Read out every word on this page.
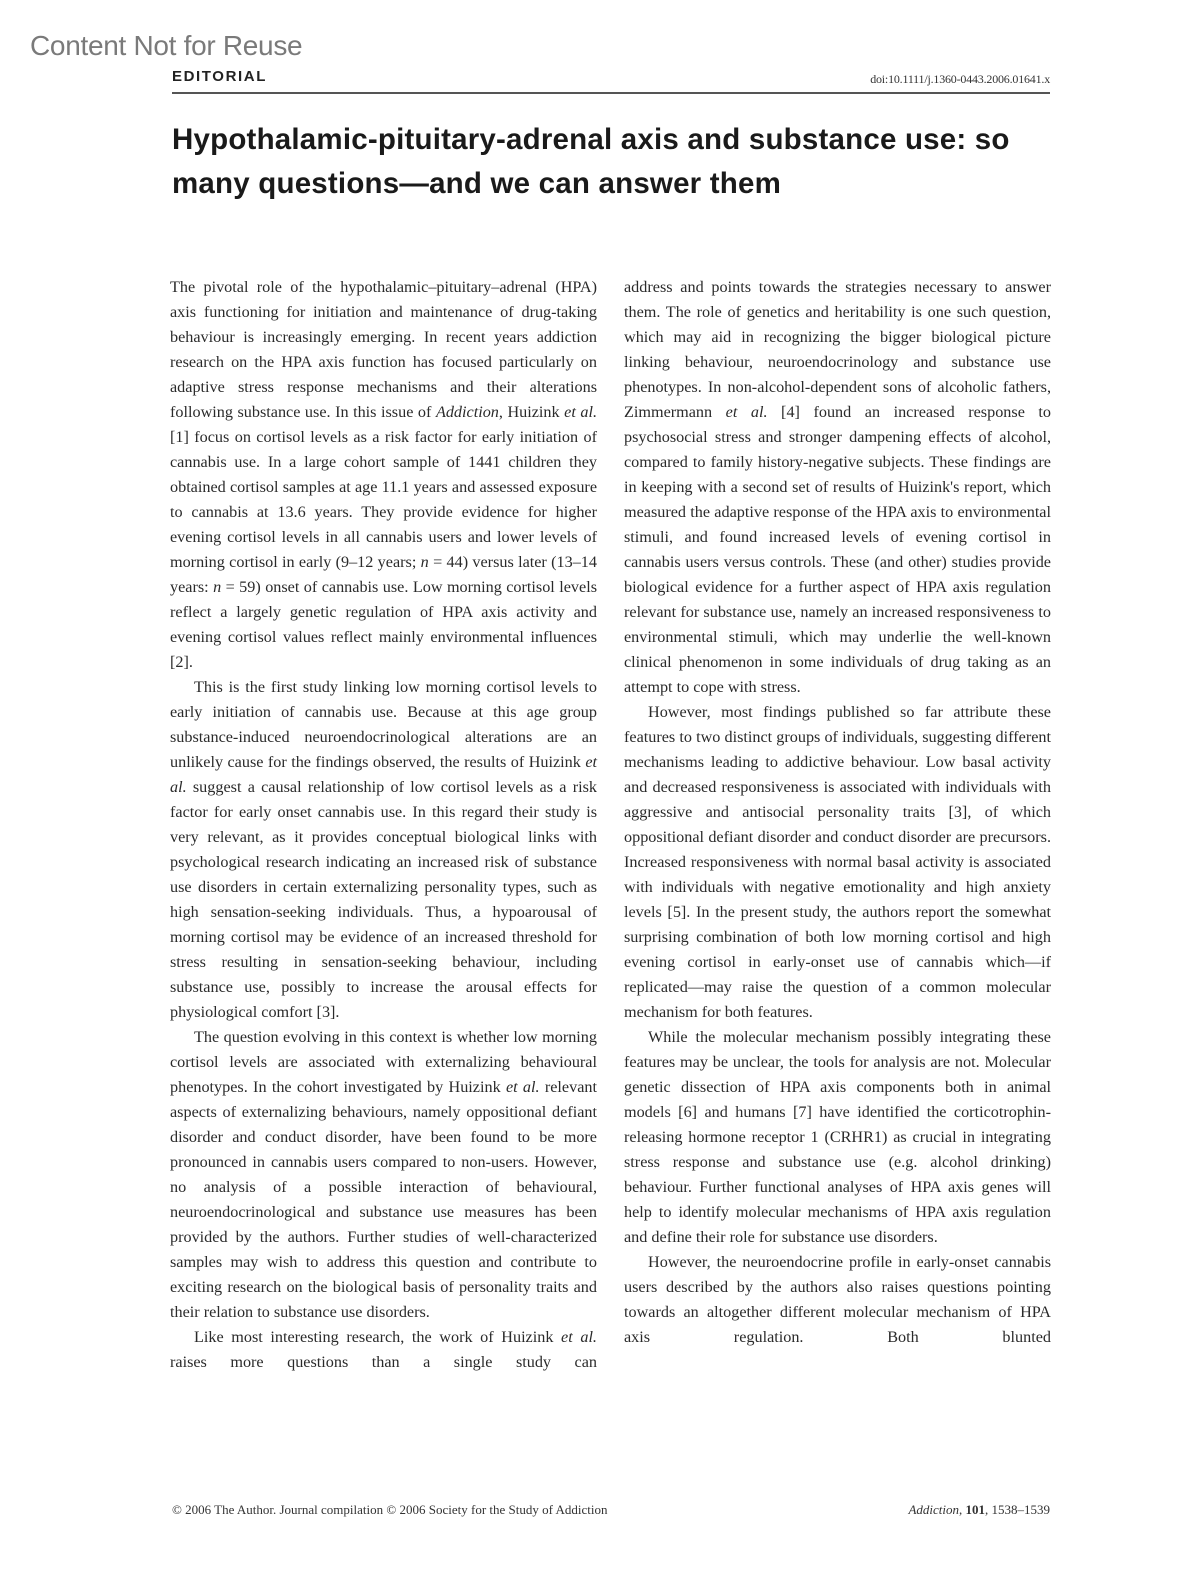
Content Not for Reuse
EDITORIAL	doi:10.1111/j.1360-0443.2006.01641.x
Hypothalamic-pituitary-adrenal axis and substance use: so many questions—and we can answer them

The pivotal role of the hypothalamic–pituitary–adrenal (HPA) axis functioning for initiation and maintenance of drug-taking behaviour is increasingly emerging. In recent years addiction research on the HPA axis function has focused particularly on adaptive stress response mechanisms and their alterations following substance use. In this issue of Addiction, Huizink et al. [1] focus on cortisol levels as a risk factor for early initiation of cannabis use. In a large cohort sample of 1441 children they obtained cortisol samples at age 11.1 years and assessed exposure to cannabis at 13.6 years. They provide evidence for higher evening cortisol levels in all cannabis users and lower levels of morning cortisol in early (9–12 years; n = 44) versus later (13–14 years: n = 59) onset of cannabis use. Low morning cortisol levels reflect a largely genetic regulation of HPA axis activity and evening cortisol values reflect mainly environmental influences [2].

This is the first study linking low morning cortisol levels to early initiation of cannabis use. Because at this age group substance-induced neuroendocrinological alterations are an unlikely cause for the findings observed, the results of Huizink et al. suggest a causal relationship of low cortisol levels as a risk factor for early onset cannabis use. In this regard their study is very relevant, as it provides conceptual biological links with psychological research indicating an increased risk of substance use disorders in certain externalizing personality types, such as high sensation-seeking individuals. Thus, a hypoarousal of morning cortisol may be evidence of an increased threshold for stress resulting in sensation-seeking behaviour, including substance use, possibly to increase the arousal effects for physiological comfort [3].

The question evolving in this context is whether low morning cortisol levels are associated with externalizing behavioural phenotypes. In the cohort investigated by Huizink et al. relevant aspects of externalizing behaviours, namely oppositional defiant disorder and conduct disorder, have been found to be more pronounced in cannabis users compared to non-users. However, no analysis of a possible interaction of behavioural, neuroendocrinological and substance use measures has been provided by the authors. Further studies of well-characterized samples may wish to address this question and contribute to exciting research on the biological basis of personality traits and their relation to substance use disorders.

Like most interesting research, the work of Huizink et al. raises more questions than a single study can

address and points towards the strategies necessary to answer them. The role of genetics and heritability is one such question, which may aid in recognizing the bigger biological picture linking behaviour, neuroendocrinology and substance use phenotypes. In non-alcohol-dependent sons of alcoholic fathers, Zimmermann et al. [4] found an increased response to psychosocial stress and stronger dampening effects of alcohol, compared to family history-negative subjects. These findings are in keeping with a second set of results of Huizink's report, which measured the adaptive response of the HPA axis to environmental stimuli, and found increased levels of evening cortisol in cannabis users versus controls. These (and other) studies provide biological evidence for a further aspect of HPA axis regulation relevant for substance use, namely an increased responsiveness to environmental stimuli, which may underlie the well-known clinical phenomenon in some individuals of drug taking as an attempt to cope with stress.

However, most findings published so far attribute these features to two distinct groups of individuals, suggesting different mechanisms leading to addictive behaviour. Low basal activity and decreased responsiveness is associated with individuals with aggressive and antisocial personality traits [3], of which oppositional defiant disorder and conduct disorder are precursors. Increased responsiveness with normal basal activity is associated with individuals with negative emotionality and high anxiety levels [5]. In the present study, the authors report the somewhat surprising combination of both low morning cortisol and high evening cortisol in early-onset use of cannabis which—if replicated—may raise the question of a common molecular mechanism for both features.

While the molecular mechanism possibly integrating these features may be unclear, the tools for analysis are not. Molecular genetic dissection of HPA axis components both in animal models [6] and humans [7] have identified the corticotrophin-releasing hormone receptor 1 (CRHR1) as crucial in integrating stress response and substance use (e.g. alcohol drinking) behaviour. Further functional analyses of HPA axis genes will help to identify molecular mechanisms of HPA axis regulation and define their role for substance use disorders.

However, the neuroendocrine profile in early-onset cannabis users described by the authors also raises questions pointing towards an altogether different molecular mechanism of HPA axis regulation. Both blunted

© 2006 The Author. Journal compilation © 2006 Society for the Study of Addiction	Addiction, 101, 1538–1539
